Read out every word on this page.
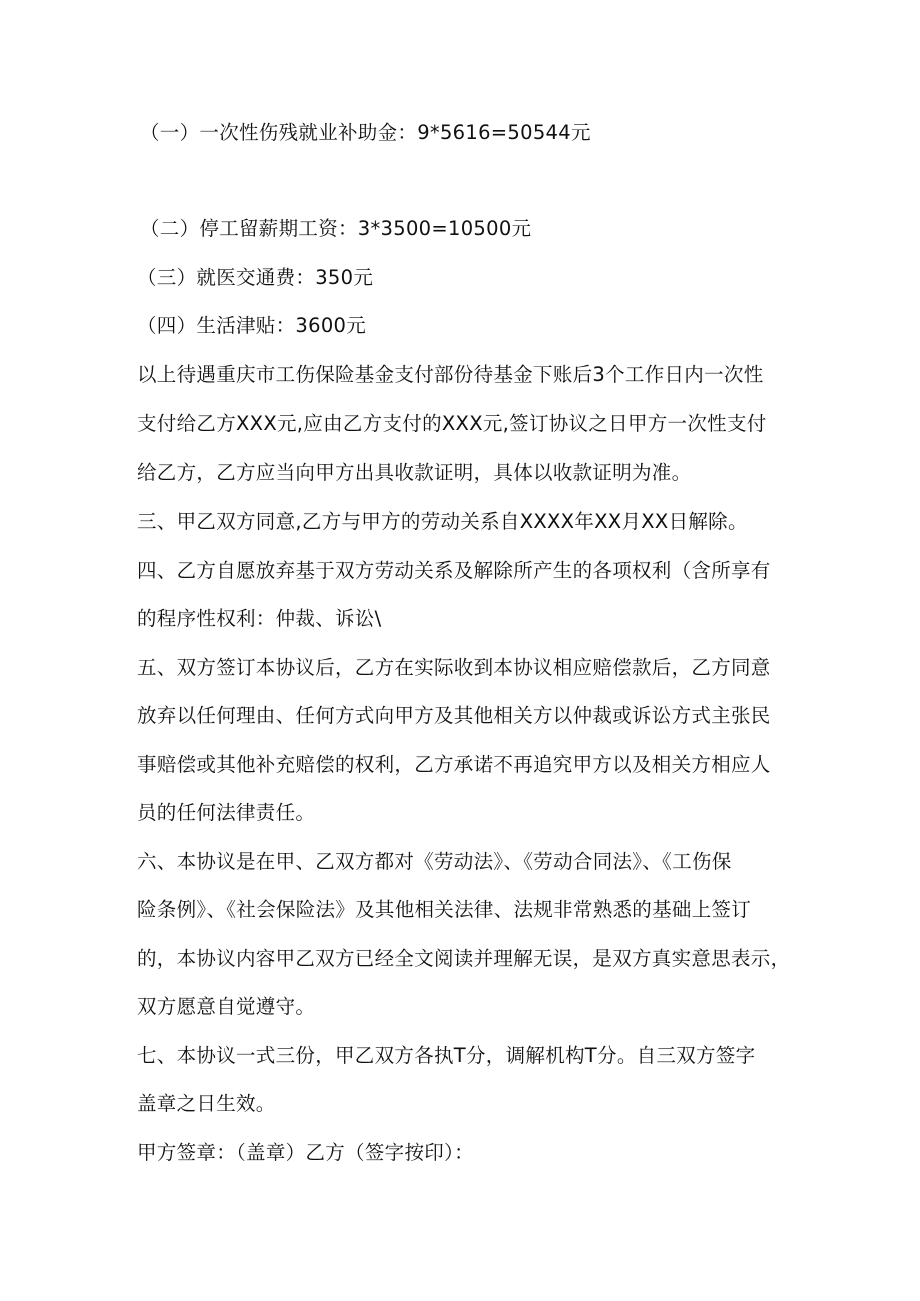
（一）一次性伤残就业补助金：9*5616=50544元
（二）停工留薪期工资：3*3500=10500元
（三）就医交通费：350元
（四）生活津贴：3600元
以上待遇重庆市工伤保险基金支付部份待基金下账后3个工作日内一次性
支付给乙方XXX元,应由乙方支付的XXX元,签订协议之日甲方一次性支付
给乙方，乙方应当向甲方出具收款证明，具体以收款证明为准。
三、甲乙双方同意,乙方与甲方的劳动关系自XXXX年XX月XX日解除。
四、乙方自愿放弃基于双方劳动关系及解除所产生的各项权利（含所享有
的程序性权利：仲裁、诉讼\
五、双方签订本协议后，乙方在实际收到本协议相应赔偿款后，乙方同意
放弃以任何理由、任何方式向甲方及其他相关方以仲裁或诉讼方式主张民
事赔偿或其他补充赔偿的权利，乙方承诺不再追究甲方以及相关方相应人
员的任何法律责任。
六、本协议是在甲、乙双方都对《劳动法》、《劳动合同法》、《工伤保
险条例》、《社会保险法》及其他相关法律、法规非常熟悉的基础上签订
的，本协议内容甲乙双方已经全文阅读并理解无误，是双方真实意思表示，
双方愿意自觉遵守。
七、本协议一式三份，甲乙双方各执T分，调解机构T分。自三双方签字
盖章之日生效。
甲方签章：（盖章）乙方（签字按印）：
